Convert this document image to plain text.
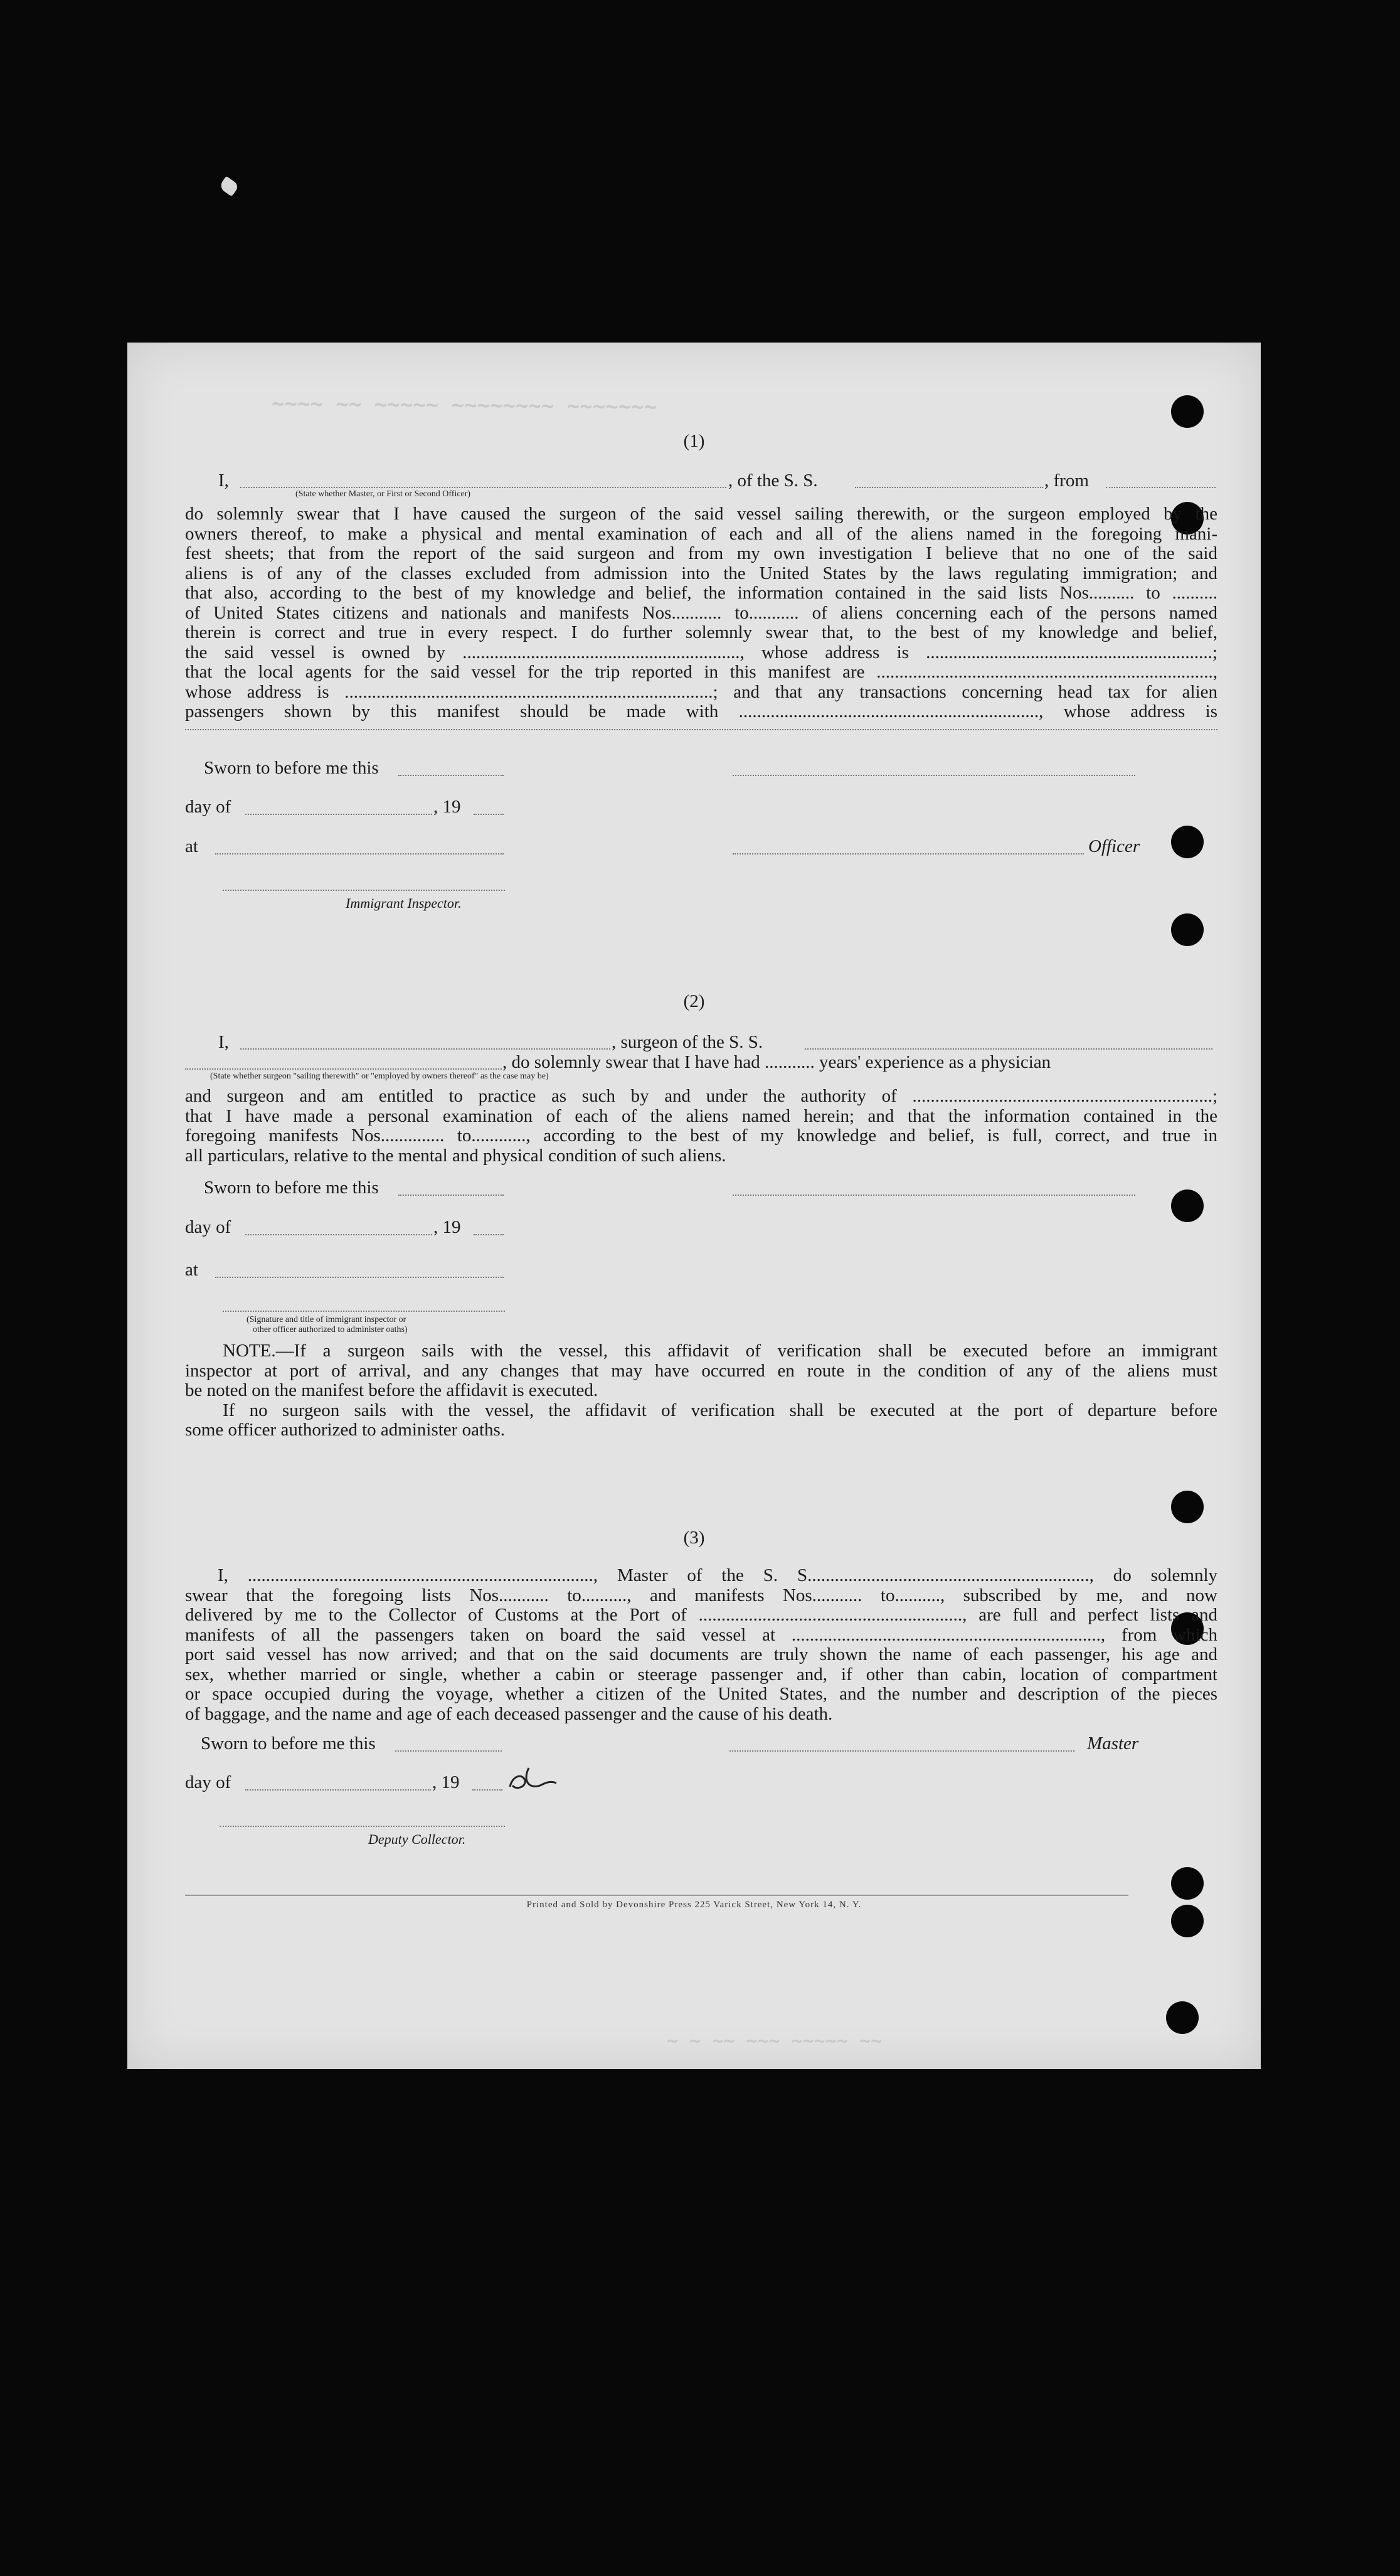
~~~~ ~~ ~~~~~ ~~~~~~~~ ~~~~~~~
(1)
I,	, of the S. S.	, from
(State whether Master, or First or Second Officer)
do solemnly swear that I have caused the surgeon of the said vessel sailing therewith, or the surgeon employed by the
owners thereof, to make a physical and mental examination of each and all of the aliens named in the foregoing mani-
fest sheets; that from the report of the said surgeon and from my own investigation I believe that no one of the said
aliens is of any of the classes excluded from admission into the United States by the laws regulating immigration; and
that also, according to the best of my knowledge and belief, the information contained in the said lists Nos.......... to ..........
of United States citizens and nationals and manifests Nos........... to........... of aliens concerning each of the persons named
therein is correct and true in every respect. I do further solemnly swear that, to the best of my knowledge and belief,
the said vessel is owned by ............................................................., whose address is ...............................................................;
that the local agents for the said vessel for the trip reported in this manifest are ..........................................................................,
whose address is .................................................................................; and that any transactions concerning head tax for alien
passengers shown by this manifest should be made with .................................................................., whose address is
Sworn to before me this
day of	, 19
at	Officer
Immigrant Inspector.
(2)
I,	, surgeon of the S. S.
, do solemnly swear that I have had ........... years' experience as a physician
(State whether surgeon "sailing therewith" or "employed by owners thereof" as the case may be)
and surgeon and am entitled to practice as such by and under the authority of ..................................................................;
that I have made a personal examination of each of the aliens named herein; and that the information contained in the
foregoing manifests Nos.............. to............, according to the best of my knowledge and belief, is full, correct, and true in
all particulars, relative to the mental and physical condition of such aliens.
Sworn to before me this
day of	, 19
at
(Signature and title of immigrant inspector or
other officer authorized to administer oaths)
NOTE.—If a surgeon sails with the vessel, this affidavit of verification shall be executed before an immigrant
inspector at port of arrival, and any changes that may have occurred en route in the condition of any of the aliens must
be noted on the manifest before the affidavit is executed.
If no surgeon sails with the vessel, the affidavit of verification shall be executed at the port of departure before
some officer authorized to administer oaths.
(3)
I, ............................................................................, Master of the S. S.............................................................., do solemnly
swear that the foregoing lists Nos........... to.........., and manifests Nos........... to.........., subscribed by me, and now
delivered by me to the Collector of Customs at the Port of .........................................................., are full and perfect lists and
manifests of all the passengers taken on board the said vessel at ...................................................................., from which
port said vessel has now arrived; and that on the said documents are truly shown the name of each passenger, his age and
sex, whether married or single, whether a cabin or steerage passenger and, if other than cabin, location of compartment
or space occupied during the voyage, whether a citizen of the United States, and the number and description of the pieces
of baggage, and the name and age of each deceased passenger and the cause of his death.
Sworn to before me this	Master
day of	, 19
Deputy Collector.
Printed and Sold by Devonshire Press 225 Varick Street, New York 14, N. Y.
~ ~ ~~ ~~~ ~~~~~ ~~
